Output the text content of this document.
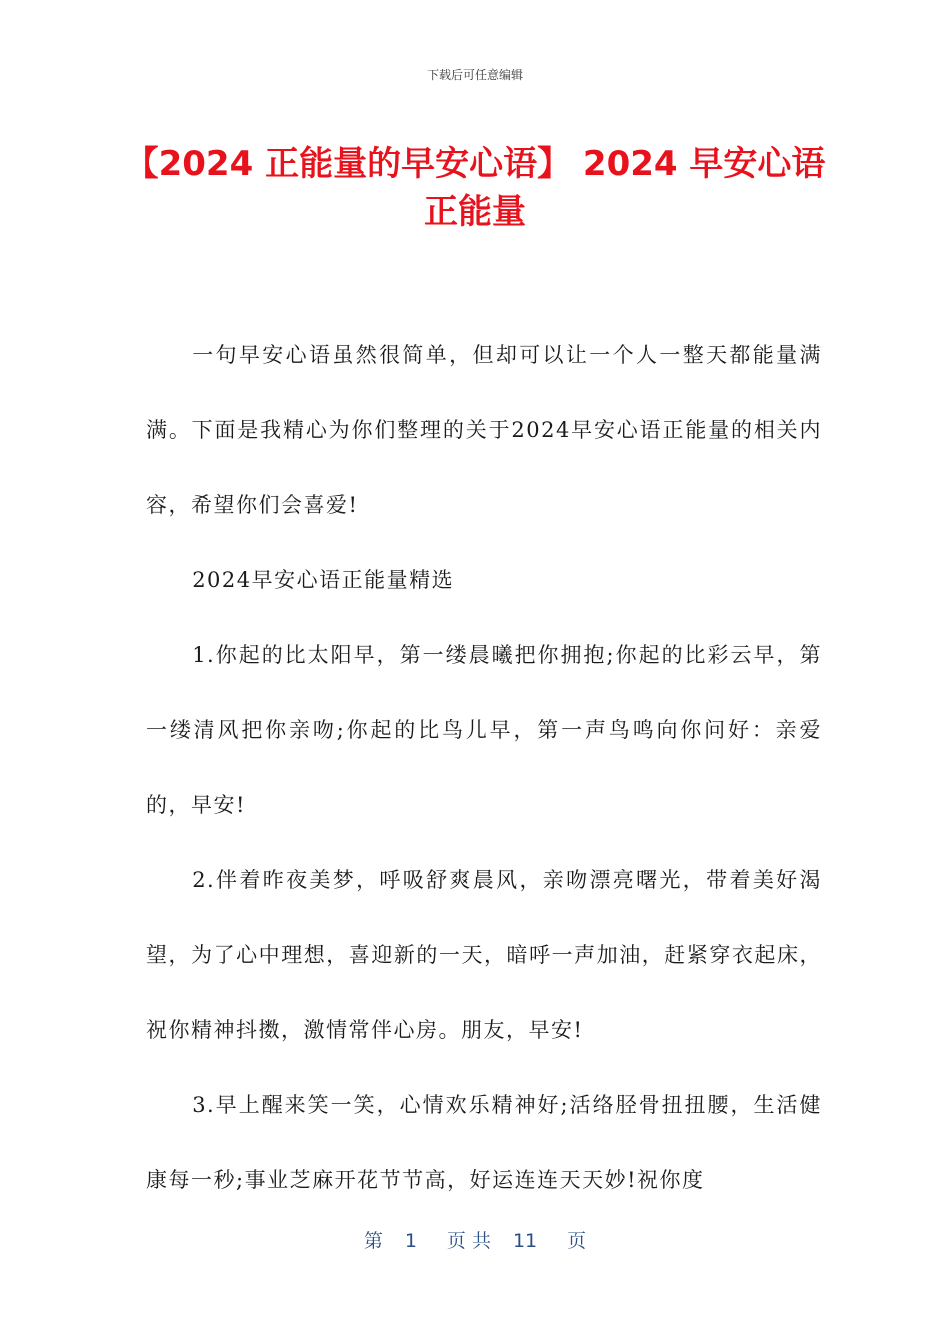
下载后可任意编辑
【2024 正能量的早安心语】 2024 早安心语正能量

一句早安心语虽然很简单，但却可以让一个人一整天都能量满满。下面是我精心为你们整理的关于2024早安心语正能量的相关内容，希望你们会喜爱!

2024早安心语正能量精选

1.你起的比太阳早，第一缕晨曦把你拥抱;你起的比彩云早，第一缕清风把你亲吻;你起的比鸟儿早，第一声鸟鸣向你问好：亲爱的，早安!

2.伴着昨夜美梦，呼吸舒爽晨风，亲吻漂亮曙光，带着美好渴望，为了心中理想，喜迎新的一天，暗呼一声加油，赶紧穿衣起床，祝你精神抖擞，激情常伴心房。朋友，早安!

3.早上醒来笑一笑，心情欢乐精神好;活络胫骨扭扭腰，生活健康每一秒;事业芝麻开花节节高，好运连连天天妙!祝你度

第 1 页 共 11 页
